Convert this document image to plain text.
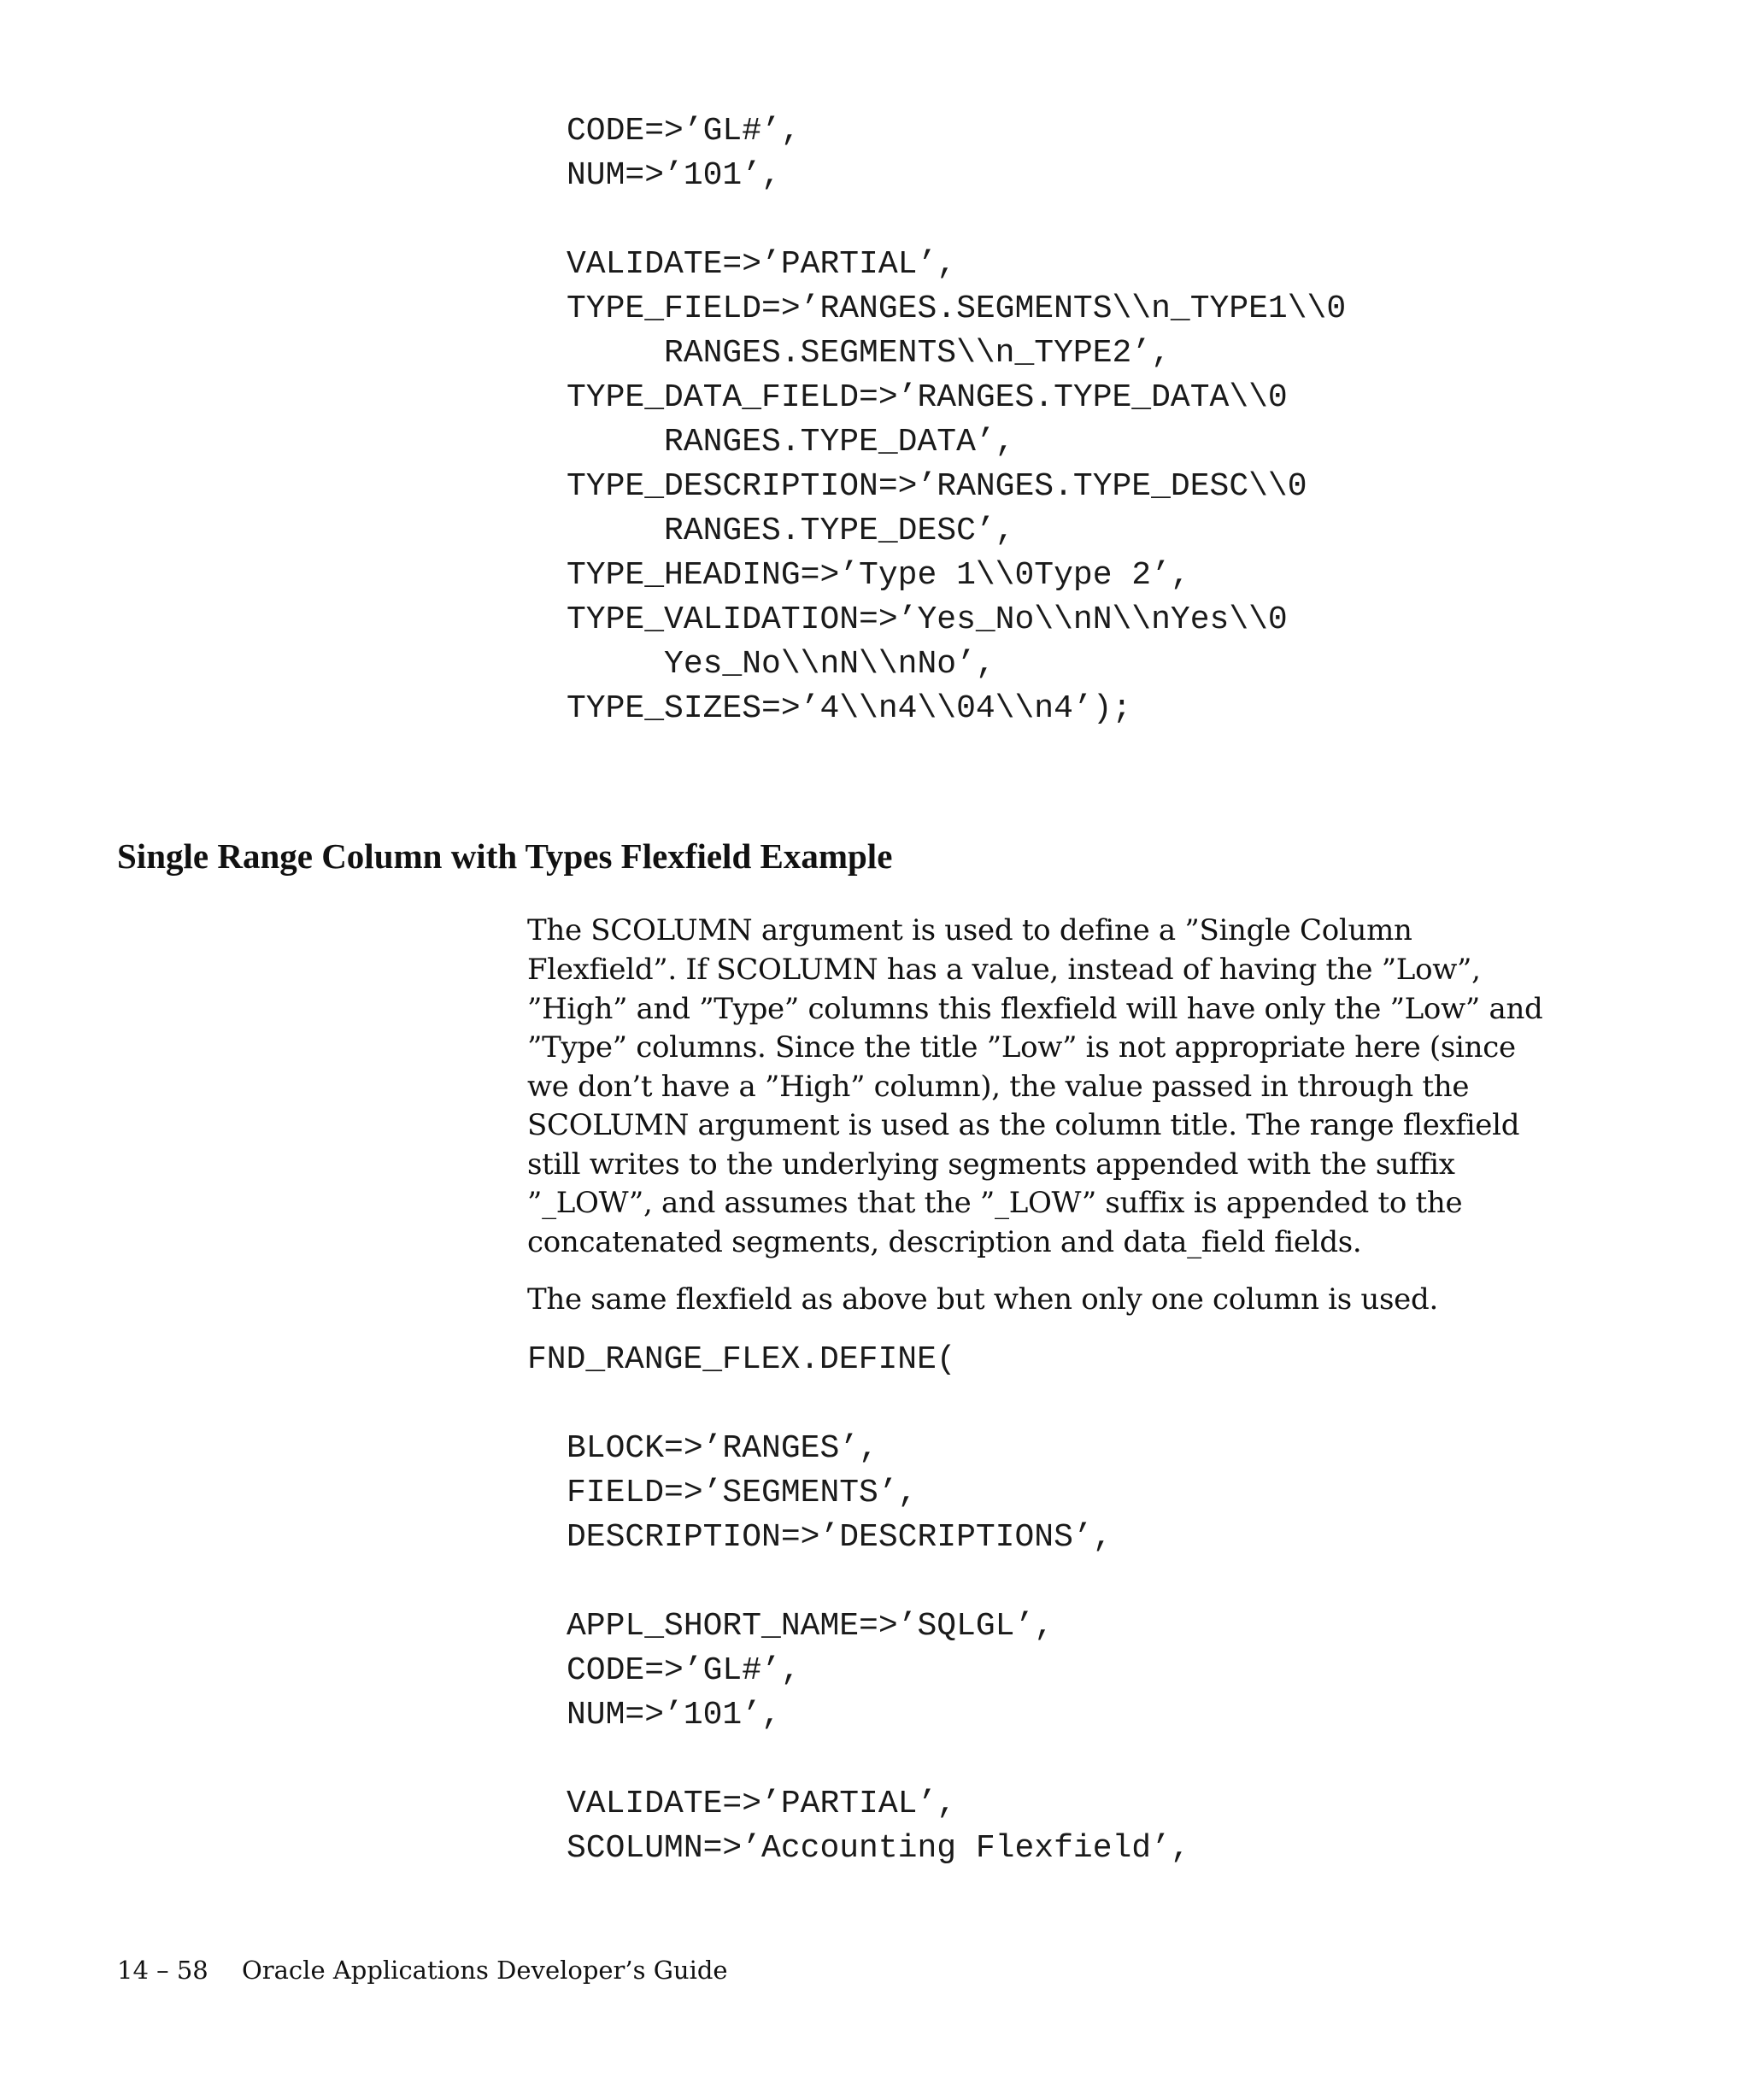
CODE=>’GL#’,
NUM=>’101’,
VALIDATE=>’PARTIAL’,
TYPE_FIELD=>’RANGES.SEGMENTS\\n_TYPE1\\0
RANGES.SEGMENTS\\n_TYPE2’,
TYPE_DATA_FIELD=>’RANGES.TYPE_DATA\\0
RANGES.TYPE_DATA’,
TYPE_DESCRIPTION=>’RANGES.TYPE_DESC\\0
RANGES.TYPE_DESC’,
TYPE_HEADING=>’Type 1\\0Type 2’,
TYPE_VALIDATION=>’Yes_No\\nN\\nYes\\0
Yes_No\\nN\\nNo’,
TYPE_SIZES=>’4\\n4\\04\\n4’);
Single Range Column with Types Flexfield Example
The SCOLUMN argument is used to define a ”Single Column
Flexfield”. If SCOLUMN has a value, instead of having the ”Low”,
”High” and ”Type” columns this flexfield will have only the ”Low” and
”Type” columns. Since the title ”Low” is not appropriate here (since
we don’t have a ”High” column), the value passed in through the
SCOLUMN argument is used as the column title. The range flexfield
still writes to the underlying segments appended with the suffix
”_LOW”, and assumes that the ”_LOW” suffix is appended to the
concatenated segments, description and data_field fields.
The same flexfield as above but when only one column is used.
FND_RANGE_FLEX.DEFINE(
BLOCK=>’RANGES’,
FIELD=>’SEGMENTS’,
DESCRIPTION=>’DESCRIPTIONS’,
APPL_SHORT_NAME=>’SQLGL’,
CODE=>’GL#’,
NUM=>’101’,
VALIDATE=>’PARTIAL’,
SCOLUMN=>’Accounting Flexfield’,
14 – 58 Oracle Applications Developer’s Guide
